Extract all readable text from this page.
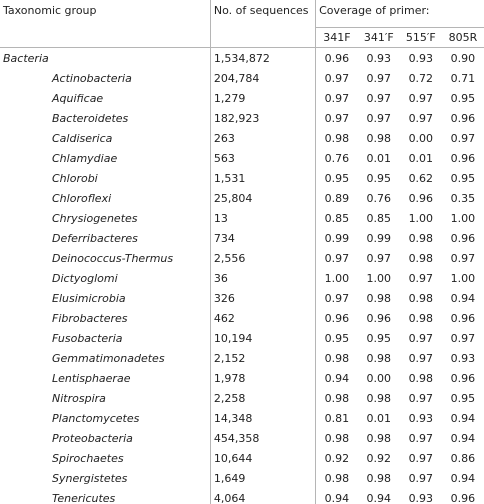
Taxonomic group	No. of sequences	Coverage of primer:			
		341F	341′F	515′F	805R
Bacteria	1,534,872	0.96	0.93	0.93	0.90
Actinobacteria	204,784	0.97	0.97	0.72	0.71
Aquificae	1,279	0.97	0.97	0.97	0.95
Bacteroidetes	182,923	0.97	0.97	0.97	0.96
Caldiserica	263	0.98	0.98	0.00	0.97
Chlamydiae	563	0.76	0.01	0.01	0.96
Chlorobi	1,531	0.95	0.95	0.62	0.95
Chloroflexi	25,804	0.89	0.76	0.96	0.35
Chrysiogenetes	13	0.85	0.85	1.00	1.00
Deferribacteres	734	0.99	0.99	0.98	0.96
Deinococcus-Thermus	2,556	0.97	0.97	0.98	0.97
Dictyoglomi	36	1.00	1.00	0.97	1.00
Elusimicrobia	326	0.97	0.98	0.98	0.94
Fibrobacteres	462	0.96	0.96	0.98	0.96
Fusobacteria	10,194	0.95	0.95	0.97	0.97
Gemmatimonadetes	2,152	0.98	0.98	0.97	0.93
Lentisphaerae	1,978	0.94	0.00	0.98	0.96
Nitrospira	2,258	0.98	0.98	0.97	0.95
Planctomycetes	14,348	0.81	0.01	0.93	0.94
Proteobacteria	454,358	0.98	0.98	0.97	0.94
Spirochaetes	10,644	0.92	0.92	0.97	0.86
Synergistetes	1,649	0.98	0.98	0.97	0.94
Tenericutes	4,064	0.94	0.94	0.93	0.96
